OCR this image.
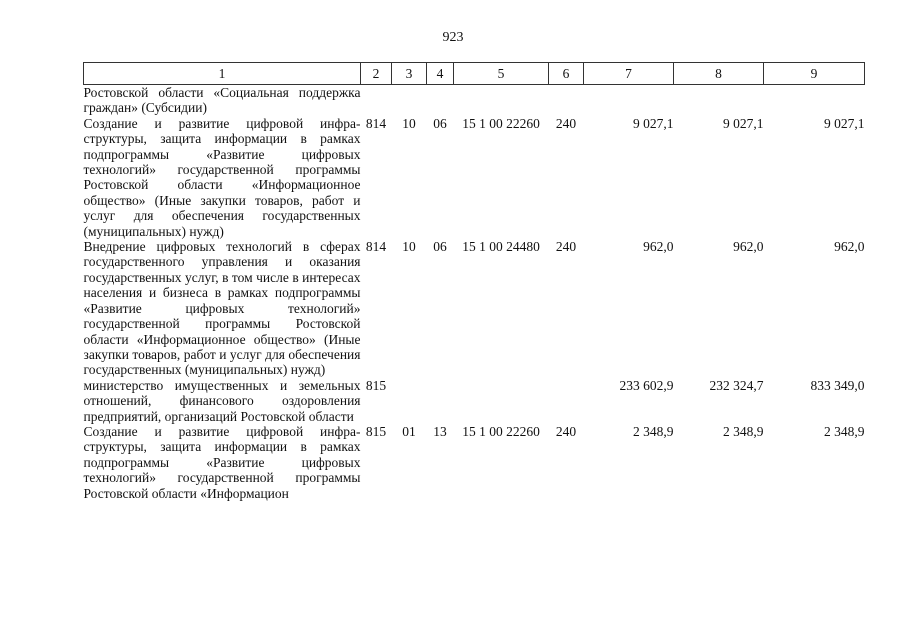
923
1	2	3	4	5	6	7	8	9
Ростовской области «Социальная поддержка граждан» (Субсидии)								
Создание и развитие цифровой инфраструктуры, защита информации в рамках подпрограммы «Развитие цифровых технологий» государственной программы Ростовской области «Информационное общество» (Иные закупки товаров, работ и услуг для обеспечения государственных (муниципальных) нужд)	814	10	06	15 1 00 22260	240	9 027,1	9 027,1	9 027,1
Внедрение цифровых технологий в сферах государственного управления и оказания государственных услуг, в том числе в интересах населения и бизнеса в рамках подпрограммы «Развитие цифровых технологий» государственной программы Ростовской области «Информационное общество» (Иные закупки товаров, работ и услуг для обеспечения государственных (муниципальных) нужд)	814	10	06	15 1 00 24480	240	962,0	962,0	962,0
министерство имущественных и земельных отношений, финансового оздоровления предприятий, организаций Ростовской области	815					233 602,9	232 324,7	833 349,0
Создание и развитие цифровой инфраструктуры, защита информации в рамках подпрограммы «Развитие цифровых технологий» государственной программы Ростовской области «Информацион	815	01	13	15 1 00 22260	240	2 348,9	2 348,9	2 348,9
